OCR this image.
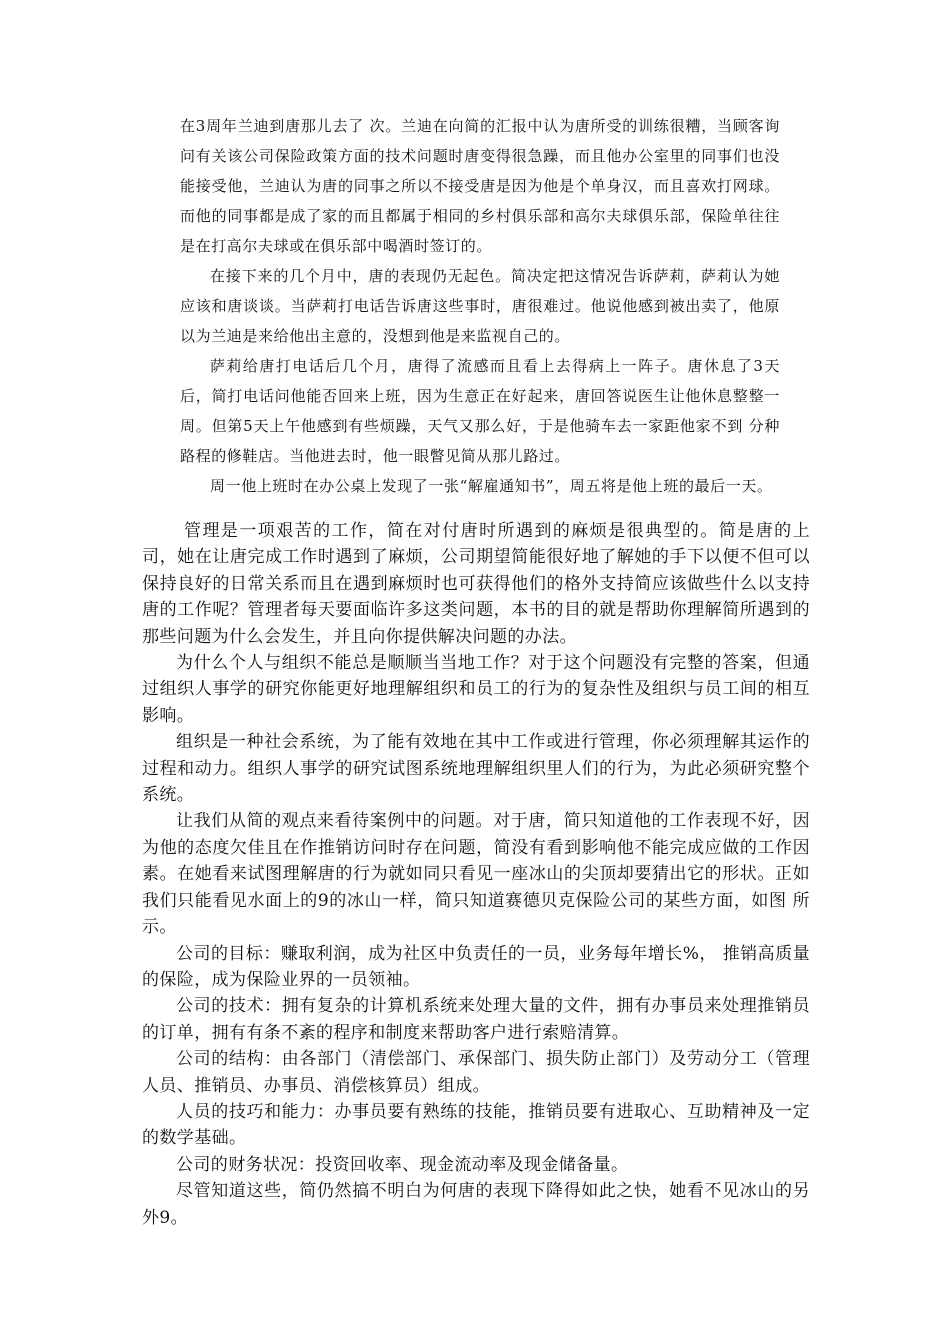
在3周年兰迪到唐那儿去了 次。兰迪在向简的汇报中认为唐所受的训练很糟，当顾客询问有关该公司保险政策方面的技术问题时唐变得很急躁，而且他办公室里的同事们也没能接受他，兰迪认为唐的同事之所以不接受唐是因为他是个单身汉，而且喜欢打网球。而他的同事都是成了家的而且都属于相同的乡村俱乐部和高尔夫球俱乐部，保险单往往是在打高尔夫球或在俱乐部中喝酒时签订的。

在接下来的几个月中，唐的表现仍无起色。简决定把这情况告诉萨莉，萨莉认为她应该和唐谈谈。当萨莉打电话告诉唐这些事时，唐很难过。他说他感到被出卖了，他原以为兰迪是来给他出主意的，没想到他是来监视自己的。

萨莉给唐打电话后几个月，唐得了流感而且看上去得病上一阵子。唐休息了3天后，简打电话问他能否回来上班，因为生意正在好起来，唐回答说医生让他休息整整一周。但第5天上午他感到有些烦躁，天气又那么好，于是他骑车去一家距他家不到 分种路程的修鞋店。当他进去时，他一眼瞥见简从那儿路过。

周一他上班时在办公桌上发现了一张“解雇通知书”，周五将是他上班的最后一天。

管理是一项艰苦的工作，简在对付唐时所遇到的麻烦是很典型的。简是唐的上司，她在让唐完成工作时遇到了麻烦，公司期望简能很好地了解她的手下以便不但可以保持良好的日常关系而且在遇到麻烦时也可获得他们的格外支持简应该做些什么以支持唐的工作呢？管理者每天要面临许多这类问题，本书的目的就是帮助你理解简所遇到的那些问题为什么会发生，并且向你提供解决问题的办法。

为什么个人与组织不能总是顺顺当当地工作？对于这个问题没有完整的答案，但通过组织人事学的研究你能更好地理解组织和员工的行为的复杂性及组织与员工间的相互影响。

组织是一种社会系统，为了能有效地在其中工作或进行管理，你必须理解其运作的过程和动力。组织人事学的研究试图系统地理解组织里人们的行为，为此必须研究整个系统。

让我们从简的观点来看待案例中的问题。对于唐，简只知道他的工作表现不好，因为他的态度欠佳且在作推销访问时存在问题，简没有看到影响他不能完成应做的工作因素。在她看来试图理解唐的行为就如同只看见一座冰山的尖顶却要猜出它的形状。正如我们只能看见水面上的9的冰山一样，简只知道赛德贝克保险公司的某些方面，如图 所示。

公司的目标：赚取利润，成为社区中负责任的一员，业务每年增长%， 推销高质量的保险，成为保险业界的一员领袖。

公司的技术：拥有复杂的计算机系统来处理大量的文件，拥有办事员来处理推销员的订单，拥有有条不紊的程序和制度来帮助客户进行索赔清算。

公司的结构：由各部门（清偿部门、承保部门、损失防止部门）及劳动分工（管理人员、推销员、办事员、消偿核算员）组成。

人员的技巧和能力：办事员要有熟练的技能，推销员要有进取心、互助精神及一定的数学基础。

公司的财务状况：投资回收率、现金流动率及现金储备量。

尽管知道这些，简仍然搞不明白为何唐的表现下降得如此之快，她看不见冰山的另外9。
